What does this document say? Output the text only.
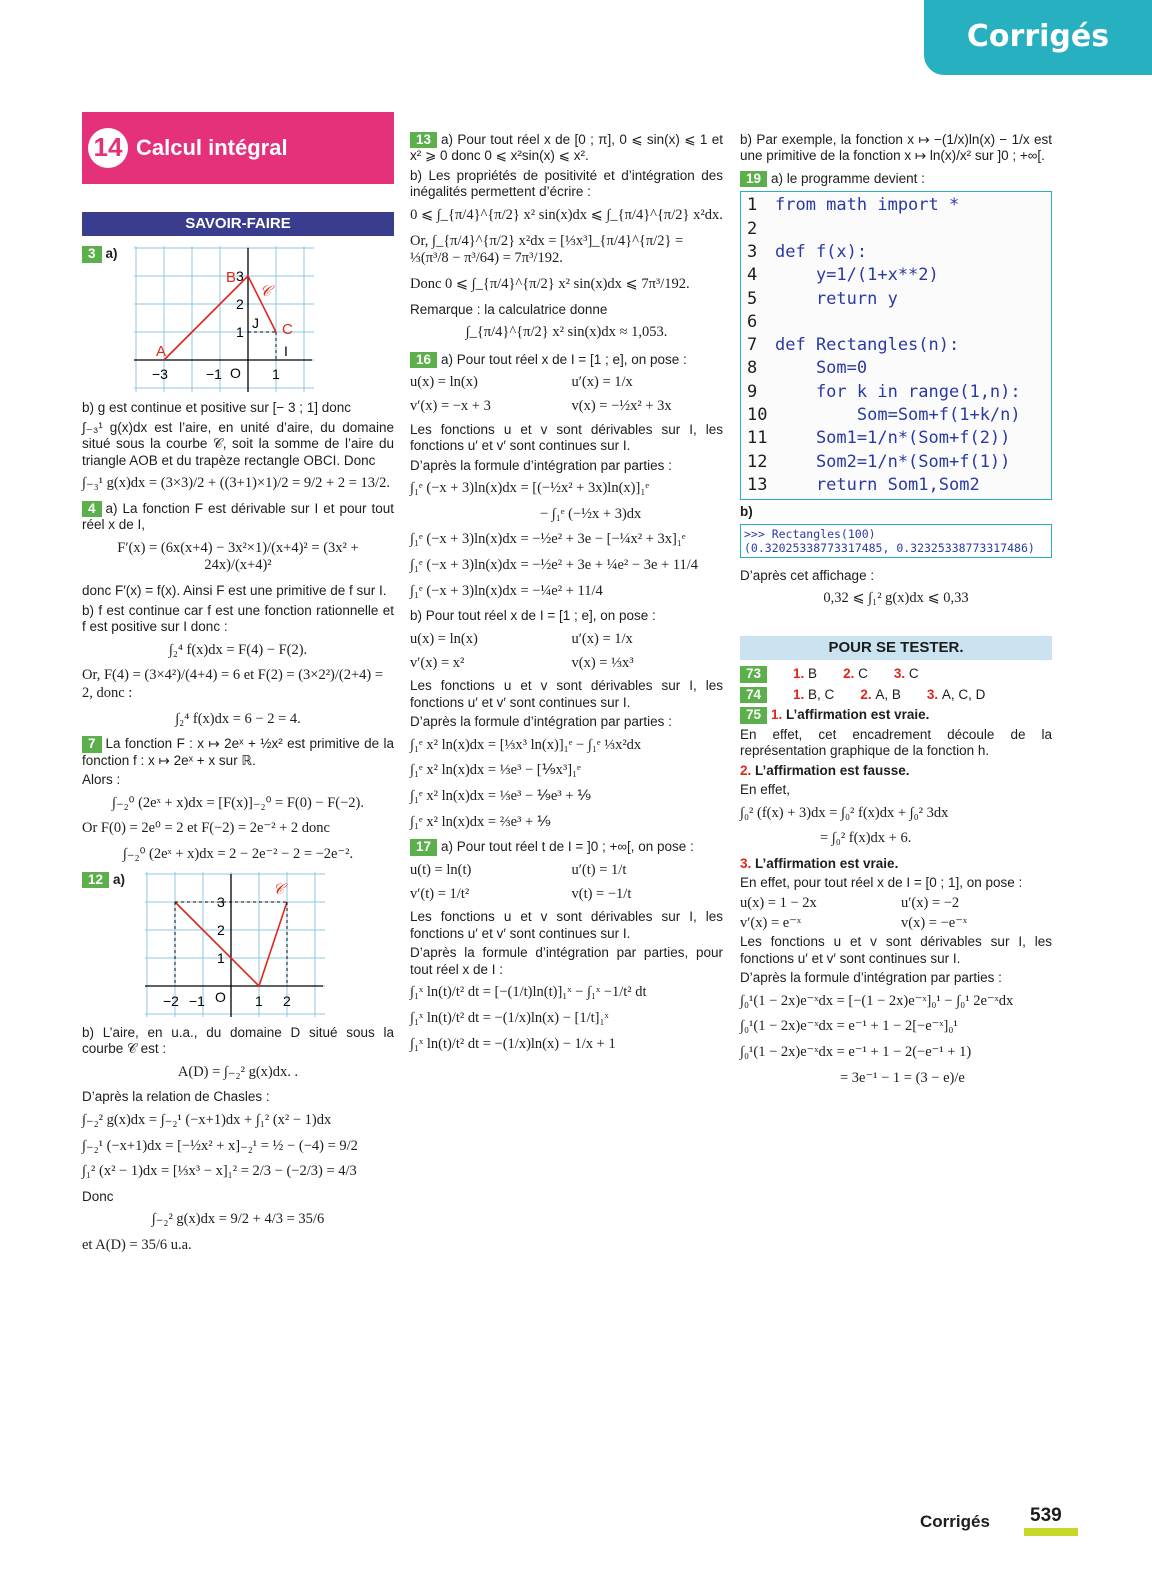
Corrigés
14 Calcul intégral
SAVOIR-FAIRE
3 a)
A
B
C
𝒞
J
I
O
−3	−1	1
1
2
3

b) g est continue et positive sur [− 3 ; 1] donc

∫₋₃¹ g(x)dx est l’aire, en unité d’aire, du domaine situé sous la courbe 𝒞, soit la somme de l’aire du triangle AOB et du trapèze rectangle OBCI. Donc

∫₋₃¹ g(x)dx = (3×3)/2 + ((3+1)×1)/2 = 9/2 + 2 = 13/2.

4 a) La fonction F est dérivable sur I et pour tout réel x de I,

F′(x) = (6x(x+4) − 3x²×1)/(x+4)² = (3x² + 24x)/(x+4)²

donc F′(x) = f(x). Ainsi F est une primitive de f sur I.

b) f est continue car f est une fonction rationnelle et f est positive sur I donc :

∫₂⁴ f(x)dx = F(4) − F(2).
Or, F(4) = (3×4²)/(4+4) = 6 et F(2) = (3×2²)/(2+4) = 2, donc :
∫₂⁴ f(x)dx = 6 − 2 = 4.

7 La fonction F : x ↦ 2eˣ + ½x² est primitive de la fonction f : x ↦ 2eˣ + x sur ℝ.

Alors :

∫₋₂⁰ (2eˣ + x)dx = [F(x)]₋₂⁰ = F(0) − F(−2).
Or F(0) = 2e⁰ = 2 et F(−2) = 2e⁻² + 2 donc
∫₋₂⁰ (2eˣ + x)dx = 2 − 2e⁻² − 2 = −2e⁻².
12 a)
𝒞
O
−2 −1	1 2
1
2
3

b) L’aire, en u.a., du domaine D situé sous la courbe 𝒞 est :

A(D) = ∫₋₂² g(x)dx. .

D’après la relation de Chasles :

∫₋₂² g(x)dx = ∫₋₂¹ (−x+1)dx + ∫₁² (x² − 1)dx
∫₋₂¹ (−x+1)dx = [−½x² + x]₋₂¹ = ½ − (−4) = 9/2
∫₁² (x² − 1)dx = [⅓x³ − x]₁² = 2/3 − (−2/3) = 4/3

Donc

∫₋₂² g(x)dx = 9/2 + 4/3 = 35/6
et A(D) = 35/6 u.a.

13 a) Pour tout réel x de [0 ; π], 0 ⩽ sin(x) ⩽ 1 et x² ⩾ 0 donc 0 ⩽ x²sin(x) ⩽ x².

b) Les propriétés de positivité et d’intégration des inégalités permettent d’écrire :

0 ⩽ ∫_{π/4}^{π/2} x² sin(x)dx ⩽ ∫_{π/4}^{π/2} x²dx.
Or, ∫_{π/4}^{π/2} x²dx = [⅓x³]_{π/4}^{π/2} = ⅓(π³/8 − π³/64) = 7π³/192.
Donc 0 ⩽ ∫_{π/4}^{π/2} x² sin(x)dx ⩽ 7π³/192.

Remarque : la calculatrice donne

∫_{π/4}^{π/2} x² sin(x)dx ≈ 1,053.

16 a) Pour tout réel x de I = [1 ; e], on pose :

u(x) = ln(x)	u′(x) = 1/x
v′(x) = −x + 3	v(x) = −½x² + 3x

Les fonctions u et v sont dérivables sur I, les fonctions u′ et v′ sont continues sur I.

D’après la formule d’intégration par parties :

∫₁ᵉ (−x + 3)ln(x)dx = [(−½x² + 3x)ln(x)]₁ᵉ
− ∫₁ᵉ (−½x + 3)dx
∫₁ᵉ (−x + 3)ln(x)dx = −½e² + 3e − [−¼x² + 3x]₁ᵉ
∫₁ᵉ (−x + 3)ln(x)dx = −½e² + 3e + ¼e² − 3e + 11/4
∫₁ᵉ (−x + 3)ln(x)dx = −¼e² + 11/4

b) Pour tout réel x de I = [1 ; e], on pose :

u(x) = ln(x)	u′(x) = 1/x
v′(x) = x²	v(x) = ⅓x³

Les fonctions u et v sont dérivables sur I, les fonctions u′ et v′ sont continues sur I.

D’après la formule d’intégration par parties :

∫₁ᵉ x² ln(x)dx = [⅓x³ ln(x)]₁ᵉ − ∫₁ᵉ ⅓x²dx
∫₁ᵉ x² ln(x)dx = ⅓e³ − [⅑x³]₁ᵉ
∫₁ᵉ x² ln(x)dx = ⅓e³ − ⅑e³ + ⅑
∫₁ᵉ x² ln(x)dx = ⅔e³ + ⅑

17 a) Pour tout réel t de I = ]0 ; +∞[, on pose :

u(t) = ln(t)	u′(t) = 1/t
v′(t) = 1/t²	v(t) = −1/t

Les fonctions u et v sont dérivables sur I, les fonctions u′ et v′ sont continues sur I.

D’après la formule d’intégration par parties, pour tout réel x de I :

∫₁ˣ ln(t)/t² dt = [−(1/t)ln(t)]₁ˣ − ∫₁ˣ −1/t² dt
∫₁ˣ ln(t)/t² dt = −(1/x)ln(x) − [1/t]₁ˣ
∫₁ˣ ln(t)/t² dt = −(1/x)ln(x) − 1/x + 1

b) Par exemple, la fonction x ↦ −(1/x)ln(x) − 1/x est une primitive de la fonction x ↦ ln(x)/x² sur ]0 ; +∞[.

19 a) le programme devient :

1 from math import *
2
3 def f(x):
4    y=1/(1+x**2)
5    return y
6
7 def Rectangles(n):
8    Som=0
9    for k in range(1,n):
10        Som=Som+f(1+k/n)
11    Som1=1/n*(Som+f(2))
12    Som2=1/n*(Som+f(1))
13    return Som1,Som2

b)

>>> Rectangles(100)
(0.32025338773317485, 0.32325338773317486)

D’après cet affichage :

0,32 ⩽ ∫₁² g(x)dx ⩽ 0,33
POUR SE TESTER.
73 1. B 2. C 3. C
74 1. B, C 2. A, B 3. A, C, D

75 1. L’affirmation est vraie.

En effet, cet encadrement découle de la représentation graphique de la fonction h.

2. L’affirmation est fausse.

En effet,

∫₀² (f(x) + 3)dx = ∫₀² f(x)dx + ∫₀² 3dx
= ∫₀² f(x)dx + 6.

3. L’affirmation est vraie.

En effet, pour tout réel x de I = [0 ; 1], on pose :

u(x) = 1 − 2x	u′(x) = −2
v′(x) = e⁻ˣ	v(x) = −e⁻ˣ

Les fonctions u et v sont dérivables sur I, les fonctions u′ et v′ sont continues sur I.

D’après la formule d’intégration par parties :

∫₀¹(1 − 2x)e⁻ˣdx = [−(1 − 2x)e⁻ˣ]₀¹ − ∫₀¹ 2e⁻ˣdx
∫₀¹(1 − 2x)e⁻ˣdx = e⁻¹ + 1 − 2[−e⁻ˣ]₀¹
∫₀¹(1 − 2x)e⁻ˣdx = e⁻¹ + 1 − 2(−e⁻¹ + 1)
= 3e⁻¹ − 1 = (3 − e)/e
Corrigés 539
